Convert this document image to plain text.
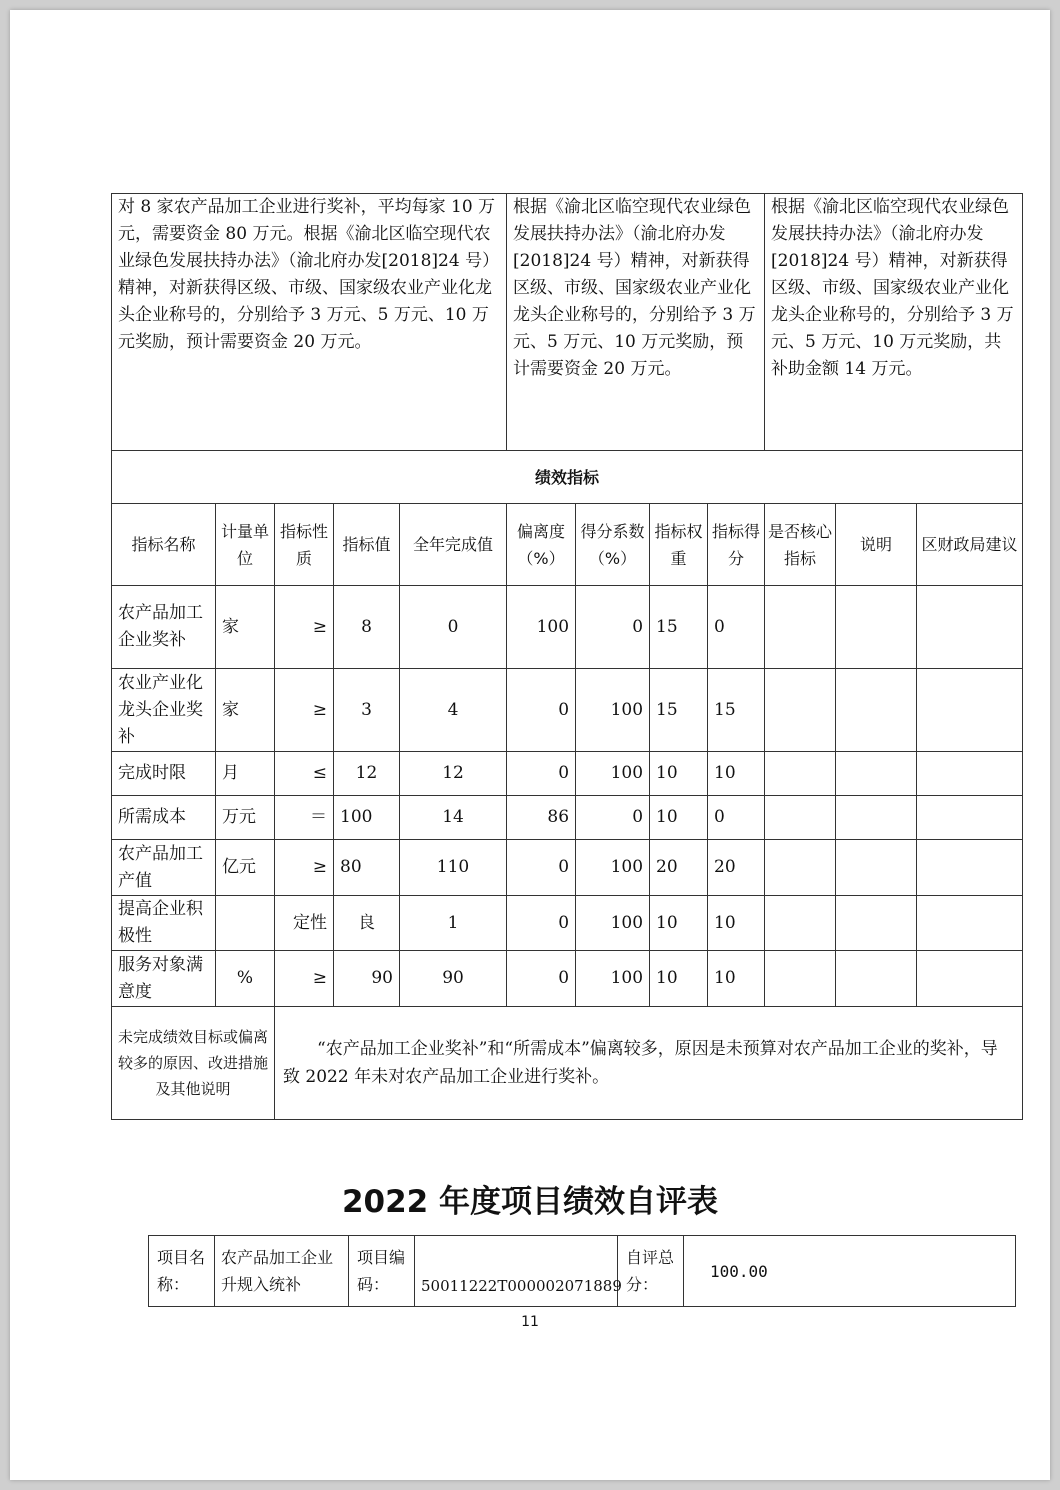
对 8 家农产品加工企业进行奖补，平均每家 10 万元，需要资金 80 万元。根据《渝北区临空现代农业绿色发展扶持办法》（渝北府办发[2018]24 号）精神，对新获得区级、市级、国家级农业产业化龙头企业称号的，分别给予 3 万元、5 万元、10 万元奖励，预计需要资金 20 万元。					根据《渝北区临空现代农业绿色发展扶持办法》（渝北府办发[2018]24 号）精神，对新获得区级、市级、国家级农业产业化龙头企业称号的，分别给予 3 万元、5 万元、10 万元奖励，预计需要资金 20 万元。				根据《渝北区临空现代农业绿色发展扶持办法》（渝北府办发[2018]24 号）精神，对新获得区级、市级、国家级农业产业化龙头企业称号的，分别给予 3 万元、5 万元、10 万元奖励，共补助金额 14 万元。		
绩效指标											
指标名称	计量单位	指标性质	指标值	全年完成值	偏离度（%）	得分系数（%）	指标权重	指标得分	是否核心指标	说明	区财政局建议
农产品加工企业奖补	家	≥	8	0	100	0	15	0			
农业产业化龙头企业奖补	家	≥	3	4	0	100	15	15			
完成时限	月	≤	12	12	0	100	10	10			
所需成本	万元	＝	100	14	86	0	10	0			
农产品加工产值	亿元	≥	80	110	0	100	20	20			
提高企业积极性		定性	良	1	0	100	10	10			
服务对象满意度	%	≥	90	90	0	100	10	10			
未完成绩效目标或偏离较多的原因、改进措施及其他说明		“农产品加工企业奖补”和“所需成本”偏离较多，原因是未预算对农产品加工企业的奖补，导致 2022 年未对农产品加工企业进行奖补。									
2022 年度项目绩效自评表
项目名称：	农产品加工企业升规入统补	项目编码：	50011222T000002071889	自评总分：	100.00
11
